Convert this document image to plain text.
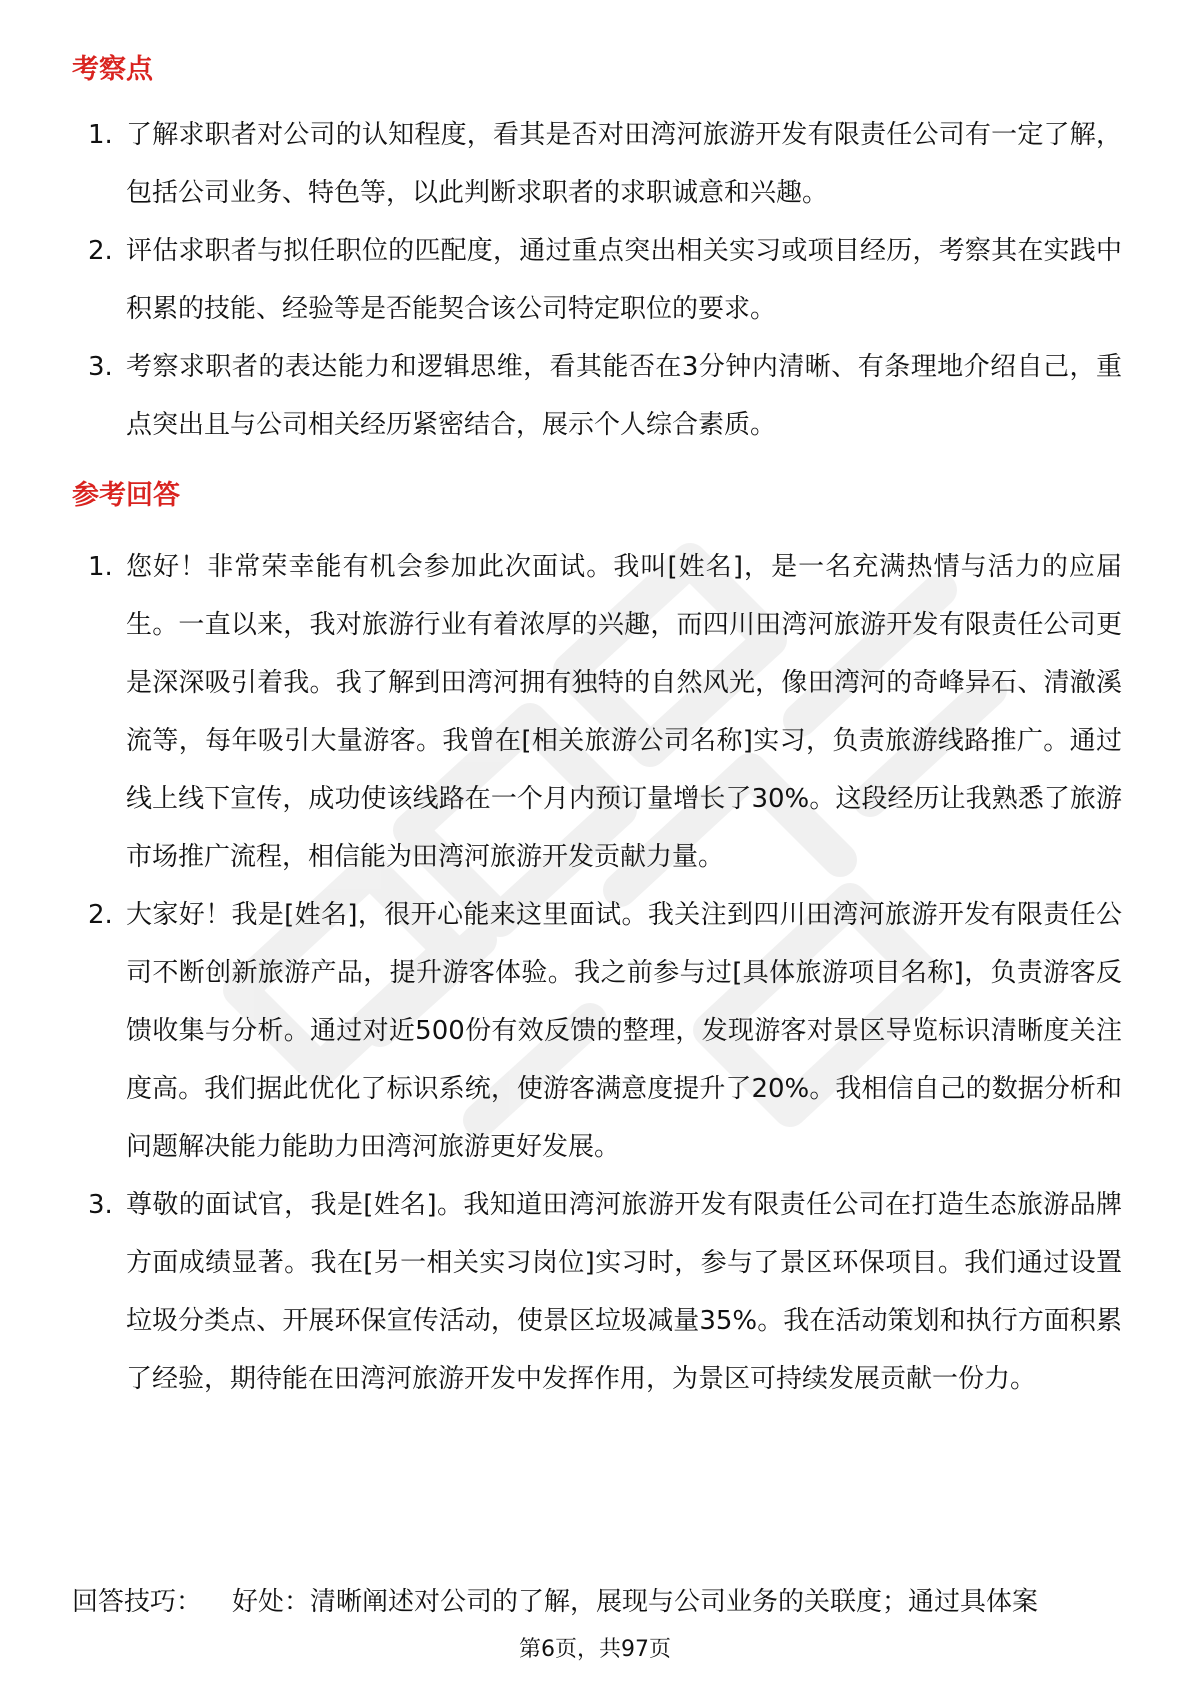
考察点
1. 了解求职者对公司的认知程度，看其是否对田湾河旅游开发有限责任公司有一定了解，包括公司业务、特色等，以此判断求职者的求职诚意和兴趣。
2. 评估求职者与拟任职位的匹配度，通过重点突出相关实习或项目经历，考察其在实践中积累的技能、经验等是否能契合该公司特定职位的要求。
3. 考察求职者的表达能力和逻辑思维，看其能否在3分钟内清晰、有条理地介绍自己，重点突出且与公司相关经历紧密结合，展示个人综合素质。
参考回答
1. 您好！非常荣幸能有机会参加此次面试。我叫[姓名]，是一名充满热情与活力的应届生。一直以来，我对旅游行业有着浓厚的兴趣，而四川田湾河旅游开发有限责任公司更是深深吸引着我。我了解到田湾河拥有独特的自然风光，像田湾河的奇峰异石、清澈溪流等，每年吸引大量游客。我曾在[相关旅游公司名称]实习，负责旅游线路推广。通过线上线下宣传，成功使该线路在一个月内预订量增长了30%。这段经历让我熟悉了旅游市场推广流程，相信能为田湾河旅游开发贡献力量。
2. 大家好！我是[姓名]，很开心能来这里面试。我关注到四川田湾河旅游开发有限责任公司不断创新旅游产品，提升游客体验。我之前参与过[具体旅游项目名称]，负责游客反馈收集与分析。通过对近500份有效反馈的整理，发现游客对景区导览标识清晰度关注度高。我们据此优化了标识系统，使游客满意度提升了20%。我相信自己的数据分析和问题解决能力能助力田湾河旅游更好发展。
3. 尊敬的面试官，我是[姓名]。我知道田湾河旅游开发有限责任公司在打造生态旅游品牌方面成绩显著。我在[另一相关实习岗位]实习时，参与了景区环保项目。我们通过设置垃圾分类点、开展环保宣传活动，使景区垃圾减量35%。我在活动策划和执行方面积累了经验，期待能在田湾河旅游开发中发挥作用，为景区可持续发展贡献一份力。
回答技巧： 好处：清晰阐述对公司的了解，展现与公司业务的关联度；通过具体案
第6页，共97页
